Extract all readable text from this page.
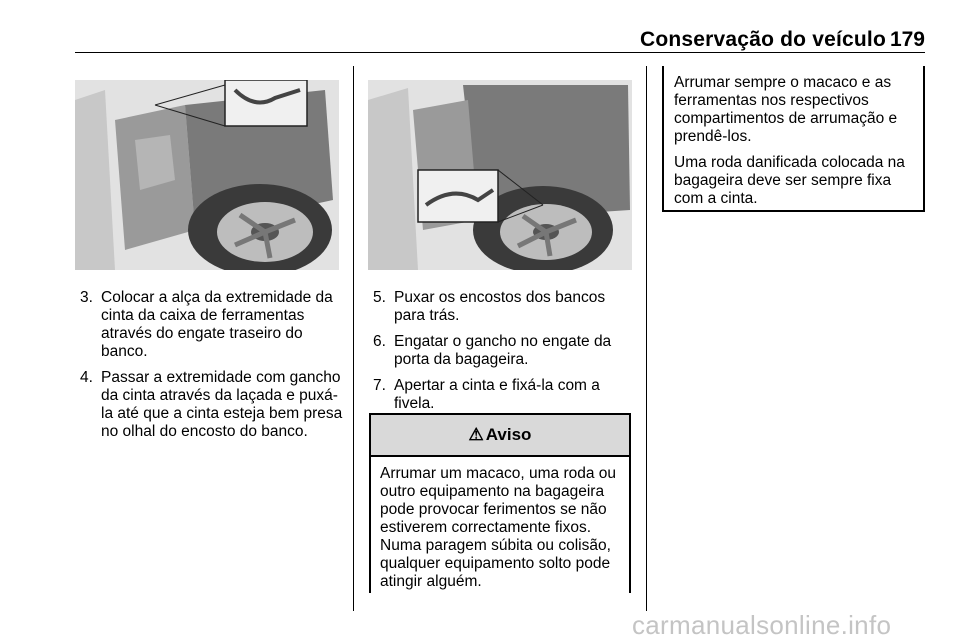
Conservação do veículo 179
3. Colocar a alça da extremidade da cinta da caixa de ferramentas através do engate traseiro do banco.
4. Passar a extremidade com gancho da cinta através da laçada e puxá-la até que a cinta esteja bem presa no olhal do encosto do banco.
5. Puxar os encostos dos bancos para trás.
6. Engatar o gancho no engate da porta da bagageira.
7. Apertar a cinta e fixá-la com a fivela.
⚠ Aviso
Arrumar um macaco, uma roda ou outro equipamento na bagageira pode provocar ferimentos se não estiverem correctamente fixos. Numa paragem súbita ou colisão, qualquer equipamento solto pode atingir alguém.

Arrumar sempre o macaco e as ferramentas nos respectivos compartimentos de arrumação e prendê-los.

Uma roda danificada colocada na bagageira deve ser sempre fixa com a cinta.

carmanualsonline.info
